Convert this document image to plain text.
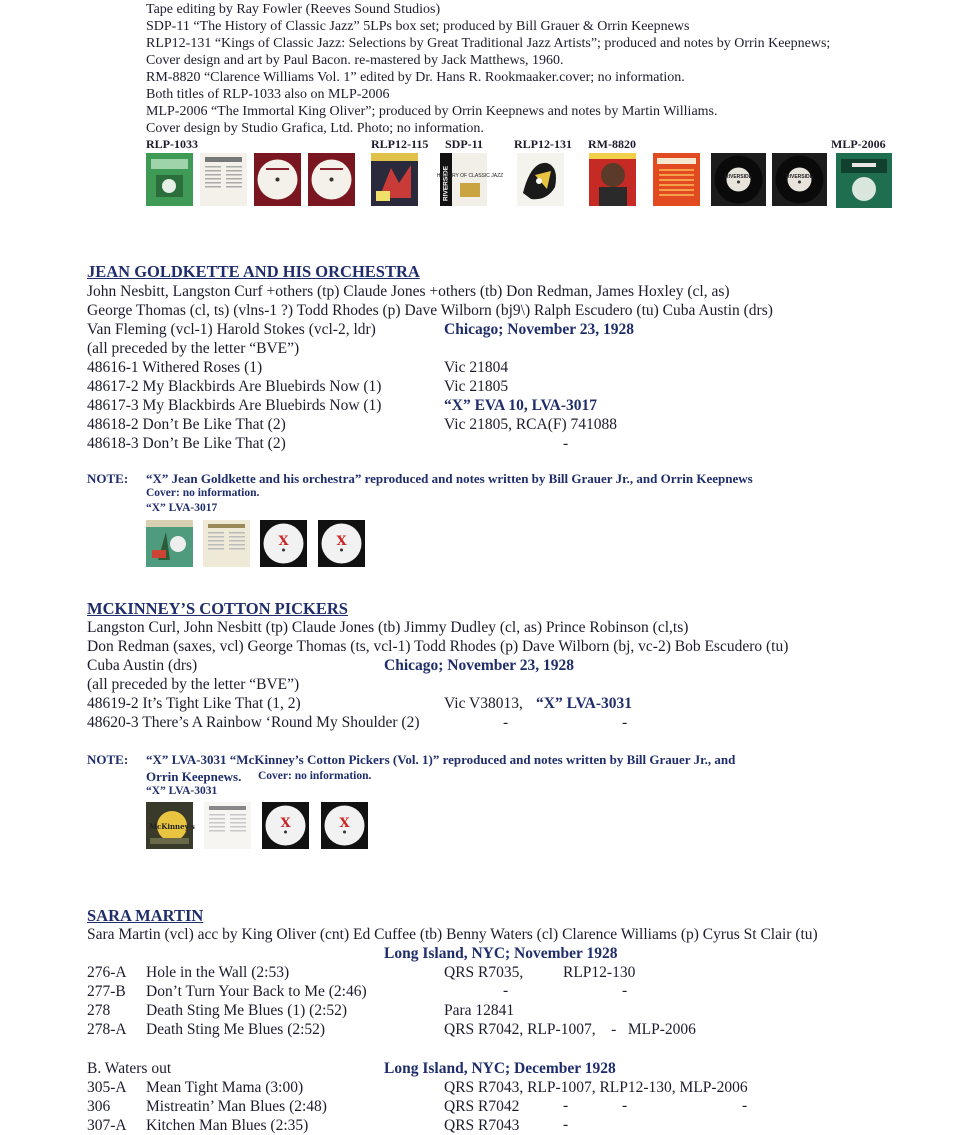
Tape editing by Ray Fowler (Reeves Sound Studios)
SDP-11 “The History of Classic Jazz” 5LPs box set; produced by Bill Grauer & Orrin Keepnews
RLP12-131 “Kings of Classic Jazz: Selections by Great Traditional Jazz Artists”; produced and notes by Orrin Keepnews;
Cover design and art by Paul Bacon. re-mastered by Jack Matthews, 1960.
RM-8820 “Clarence Williams Vol. 1” edited by Dr. Hans R. Rookmaaker.cover; no information.
Both titles of RLP-1033 also on MLP-2006
MLP-2006 “The Immortal King Oliver”; produced by Orrin Keepnews and notes by Martin Williams.
Cover design by Studio Grafica, Ltd. Photo; no information.
RLP-1033	RLP12-115 SDP-11	RLP12-131 RM-8820	MLP-2006
RIVERSIDE
HISTORY OF CLASSIC JAZZ	RIVERSIDE	RIVERSIDE
JEAN GOLDKETTE AND HIS ORCHESTRA
John Nesbitt, Langston Curf +others (tp) Claude Jones +others (tb) Don Redman, James Hoxley (cl, as)
George Thomas (cl, ts) (vlns-1 ?) Todd Rhodes (p) Dave Wilborn (bj9\) Ralph Escudero (tu) Cuba Austin (drs)
Van Fleming (vcl-1) Harold Stokes (vcl-2, ldr)	Chicago; November 23, 1928
(all preceded by the letter “BVE”)
48616-1 Withered Roses (1)	Vic 21804
48617-2 My Blackbirds Are Bluebirds Now (1)	Vic 21805
48617-3 My Blackbirds Are Bluebirds Now (1)	“X” EVA 10, LVA-3017
48618-2 Don’t Be Like That (2)	Vic 21805, RCA(F) 741088
48618-3 Don’t Be Like That (2)	-
NOTE: “X” Jean Goldkette and his orchestra” reproduced and notes written by Bill Grauer Jr., and Orrin Keepnews
Cover: no information.
“X” LVA-3017
X	X
MCKINNEY’S COTTON PICKERS
Langston Curl, John Nesbitt (tp) Claude Jones (tb) Jimmy Dudley (cl, as) Prince Robinson (cl,ts)
Don Redman (saxes, vcl) George Thomas (ts, vcl-1) Todd Rhodes (p) Dave Wilborn (bj, vc-2) Bob Escudero (tu)
Cuba Austin (drs)	Chicago; November 23, 1928
(all preceded by the letter “BVE”)
48619-2 It’s Tight Like That (1, 2)	Vic V38013, “X” LVA-3031
48620-3 There’s A Rainbow ‘Round My Shoulder (2)	-	-
NOTE: “X” LVA-3031 “McKinney’s Cotton Pickers (Vol. 1)” reproduced and notes written by Bill Grauer Jr., and
Orrin Keepnews. Cover: no information.
“X” LVA-3031
McKinney's	X	X
SARA MARTIN
Sara Martin (vcl) acc by King Oliver (cnt) Ed Cuffee (tb) Benny Waters (cl) Clarence Williams (p) Cyrus St Clair (tu)
Long Island, NYC; November 1928
276-A Hole in the Wall (2:53)	QRS R7035,	RLP12-130
277-B Don’t Turn Your Back to Me (2:46)	-	-
278 Death Sting Me Blues (1) (2:52)	Para 12841
278-A Death Sting Me Blues (2:52)	QRS R7042, RLP-1007,    -   MLP-2006
B. Waters out	Long Island, NYC; December 1928
305-A Mean Tight Mama (3:00)	QRS R7043, RLP-1007, RLP12-130, MLP-2006
306 Mistreatin’ Man Blues (2:48)	QRS R7042	-	-	-
307-A Kitchen Man Blues (2:35)	QRS R7043	-
